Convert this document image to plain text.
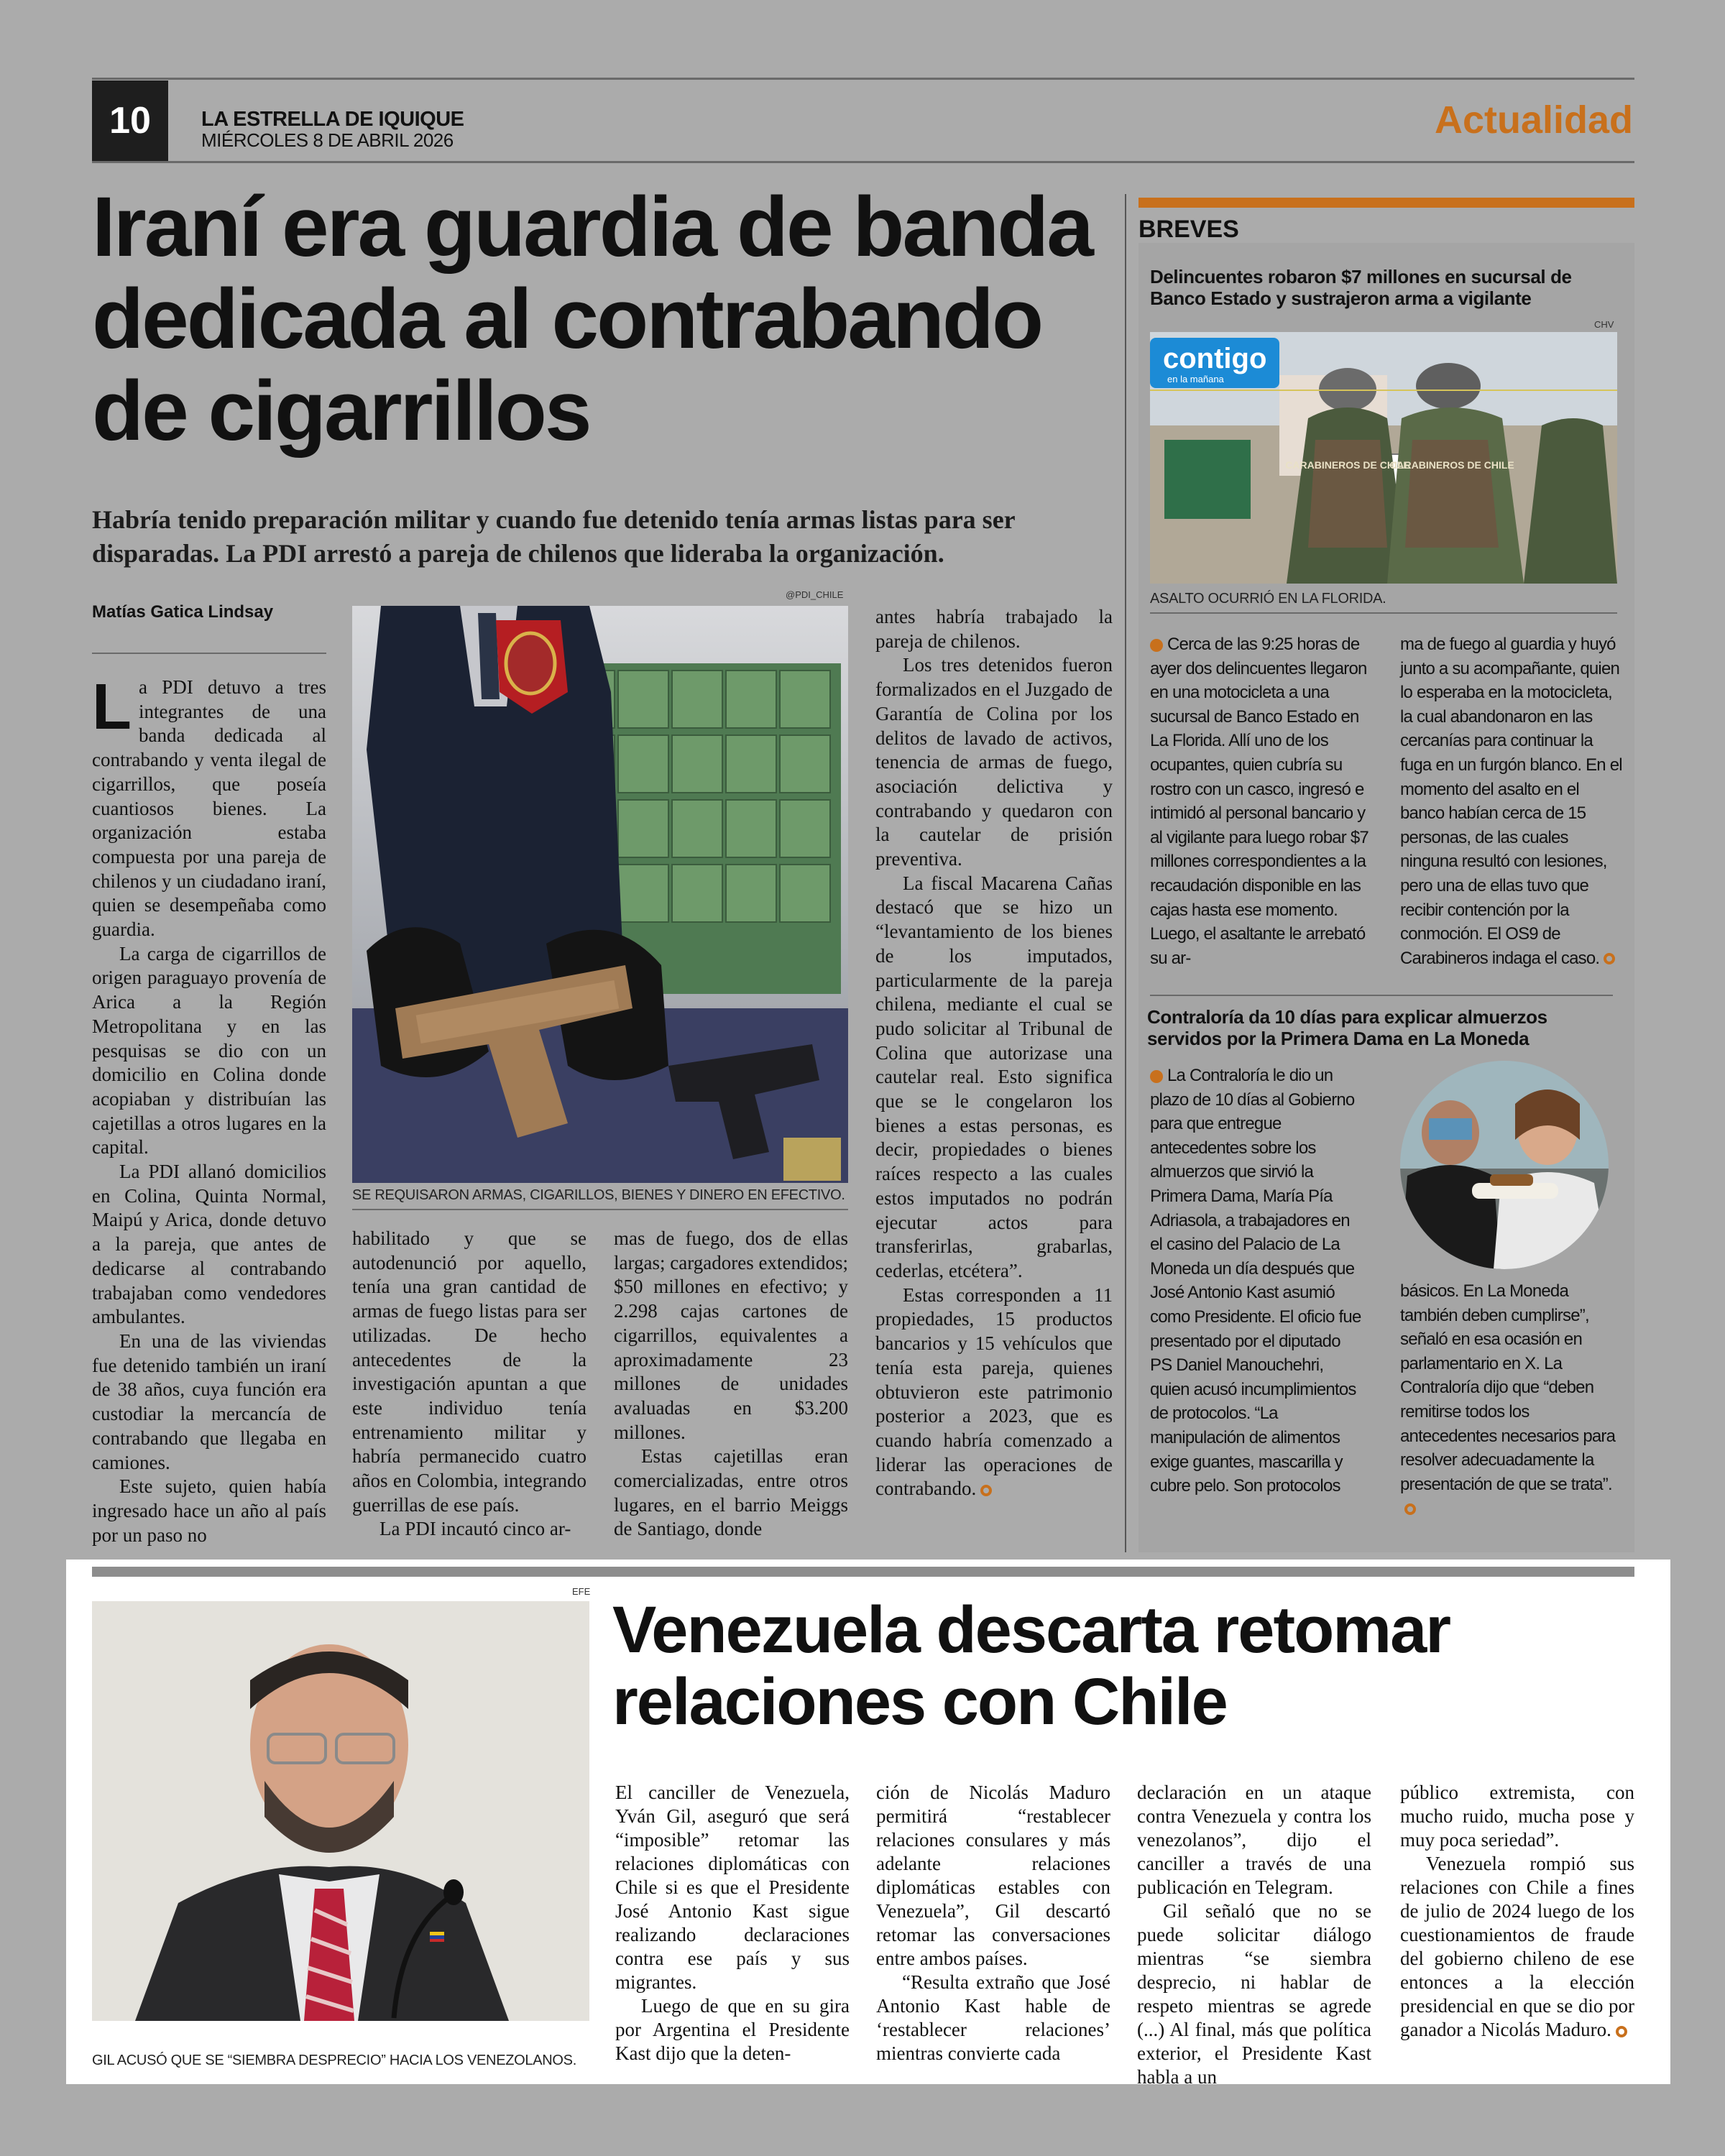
10	LA ESTRELLA DE IQUIQUE
MIÉRCOLES 8 DE ABRIL 2026	Actualidad
Iraní era guardia de banda dedicada al contrabando de cigarrillos
Habría tenido preparación militar y cuando fue detenido tenía armas listas para ser disparadas. La PDI arrestó a pareja de chilenos que lideraba la organización.
Matías Gatica Lindsay

La PDI detuvo a tres integrantes de una banda dedicada al contrabando y venta ilegal de cigarrillos, que poseía cuantiosos bienes. La organización estaba compuesta por una pareja de chilenos y un ciudadano iraní, quien se desempeñaba como guardia.

La carga de cigarrillos de origen paraguayo provenía de Arica a la Región Metropolitana y en las pesquisas se dio con un domicilio en Colina donde acopiaban y distribuían las cajetillas a otros lugares en la capital.

La PDI allanó domicilios en Colina, Quinta Normal, Maipú y Arica, donde detuvo a la pareja, que antes de dedicarse al contrabando trabajaban como vendedores ambulantes.

En una de las viviendas fue detenido también un iraní de 38 años, cuya función era custodiar la mercancía de contrabando que llegaba en camiones.

Este sujeto, quien había ingresado hace un año al país por un paso no

@PDI_CHILE
SE REQUISARON ARMAS, CIGARILLOS, BIENES Y DINERO EN EFECTIVO.

habilitado y que se autodenunció por aquello, tenía una gran cantidad de armas de fuego listas para ser utilizadas. De hecho antecedentes de la investigación apuntan a que este individuo tenía entrenamiento militar y habría permanecido cuatro años en Colombia, integrando guerrillas de ese país.

La PDI incautó cinco ar-

mas de fuego, dos de ellas largas; cargadores extendidos; $50 millones en efectivo; y 2.298 cajas cartones de cigarrillos, equivalentes a aproximadamente 23 millones de unidades avaluadas en $3.200 millones.

Estas cajetillas eran comercializadas, entre otros lugares, en el barrio Meiggs de Santiago, donde

antes habría trabajado la pareja de chilenos.

Los tres detenidos fueron formalizados en el Juzgado de Garantía de Colina por los delitos de lavado de activos, tenencia de armas de fuego, asociación delictiva y contrabando y quedaron con la cautelar de prisión preventiva.

La fiscal Macarena Cañas destacó que se hizo un “levantamiento de los bienes de los imputados, particularmente de la pareja chilena, mediante el cual se pudo solicitar al Tribunal de Colina que autorizase una cautelar real. Esto significa que se le congelaron los bienes a estas personas, es decir, propiedades o bienes raíces respecto a las cuales estos imputados no podrán ejecutar actos para transferirlas, grabarlas, cederlas, etcétera”.

Estas corresponden a 11 propiedades, 15 productos bancarios y 15 vehículos que tenía esta pareja, quienes obtuvieron este patrimonio posterior a 2023, que es cuando habría comenzado a liderar las operaciones de contrabando.

BREVES
Delincuentes robaron $7 millones en sucursal de Banco Estado y sustrajeron arma a vigilante
CHV
CARABINEROS DE CHILE
CARABINEROS DE CHILE
contigo
en la mañana
ASALTO OCURRIÓ EN LA FLORIDA.
Cerca de las 9:25 horas de ayer dos delincuentes llegaron en una motocicleta a una sucursal de Banco Estado en La Florida. Allí uno de los ocupantes, quien cubría su rostro con un casco, ingresó e intimidó al personal bancario y al vigilante para luego robar $7 millones correspondientes a la recaudación disponible en las cajas hasta ese momento. Luego, el asaltante le arrebató su ar-
ma de fuego al guardia y huyó junto a su acompañante, quien lo esperaba en la motocicleta, la cual abandonaron en las cercanías para continuar la fuga en un furgón blanco. En el momento del asalto en el banco habían cerca de 15 personas, de las cuales ninguna resultó con lesiones, pero una de ellas tuvo que recibir contención por la conmoción. El OS9 de Carabineros indaga el caso.
Contraloría da 10 días para explicar almuerzos servidos por la Primera Dama en La Moneda
La Contraloría le dio un plazo de 10 días al Gobierno para que entregue antecedentes sobre los almuerzos que sirvió la Primera Dama, María Pía Adriasola, a trabajadores en el casino del Palacio de La Moneda un día después que José Antonio Kast asumió como Presidente. El oficio fue presentado por el diputado PS Daniel Manouchehri, quien acusó incumplimientos de protocolos. “La manipulación de alimentos exige guantes, mascarilla y cubre pelo. Son protocolos
básicos. En La Moneda también deben cumplirse”, señaló en esa ocasión en parlamentario en X. La Contraloría dijo que “deben remitirse todos los antecedentes necesarios para resolver adecuadamente la presentación de que se trata”.
EFE
GIL ACUSÓ QUE SE “SIEMBRA DESPRECIO” HACIA LOS VENEZOLANOS.
Venezuela descarta retomar relaciones con Chile

El canciller de Venezuela, Yván Gil, aseguró que será “imposible” retomar las relaciones diplomáticas con Chile si es que el Presidente José Antonio Kast sigue realizando declaraciones contra ese país y sus migrantes.

Luego de que en su gira por Argentina el Presidente Kast dijo que la deten-

ción de Nicolás Maduro permitirá “restablecer relaciones consulares y más adelante relaciones diplomáticas estables con Venezuela”, Gil descartó retomar las conversaciones entre ambos países.

“Resulta extraño que José Antonio Kast hable de ‘restablecer relaciones’ mientras convierte cada

declaración en un ataque contra Venezuela y contra los venezolanos”, dijo el canciller a través de una publicación en Telegram.

Gil señaló que no se puede solicitar diálogo mientras “se siembra desprecio, ni hablar de respeto mientras se agrede (...) Al final, más que política exterior, el Presidente Kast habla a un

público extremista, con mucho ruido, mucha pose y muy poca seriedad”.

Venezuela rompió sus relaciones con Chile a fines de julio de 2024 luego de los cuestionamientos de fraude del gobierno chileno de ese entonces a la elección presidencial en que se dio por ganador a Nicolás Maduro.
